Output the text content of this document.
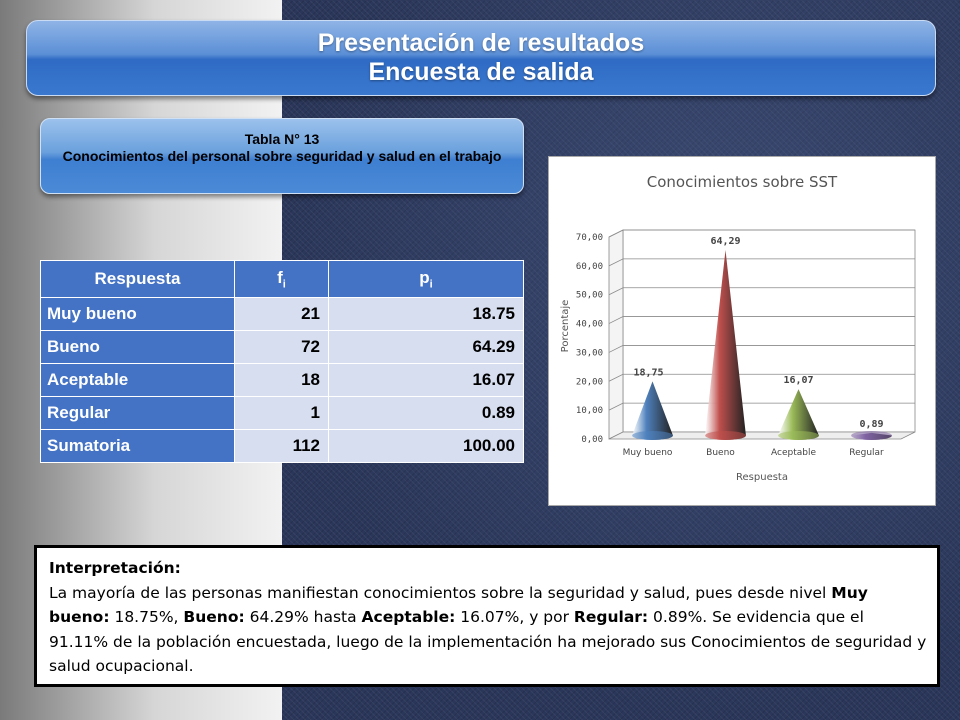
Presentación de resultados
Encuesta de salida
Tabla N° 13
Conocimientos del personal sobre seguridad y salud en el trabajo
Respuesta	$f_i$	$p_i$
Muy bueno	21	18.75
Bueno	72	64.29
Aceptable	18	16.07
Regular	1	0.89
Sumatoria	112	100.00
Conocimientos sobre SST
0,00
10,00
20,00
30,00
40,00
50,00
60,00
70,00
18,75
Muy bueno
64,29
Bueno
16,07
Aceptable
0,89
Regular
Respuesta
Porcentaje
Interpretación:
La mayoría de las personas manifiestan conocimientos sobre la seguridad y salud, pues desde nivel Muy bueno: 18.75%, Bueno: 64.29% hasta Aceptable: 16.07%, y por Regular: 0.89%. Se evidencia que el 91.11% de la población encuestada, luego de la implementación ha mejorado sus Conocimientos de seguridad y salud ocupacional.
